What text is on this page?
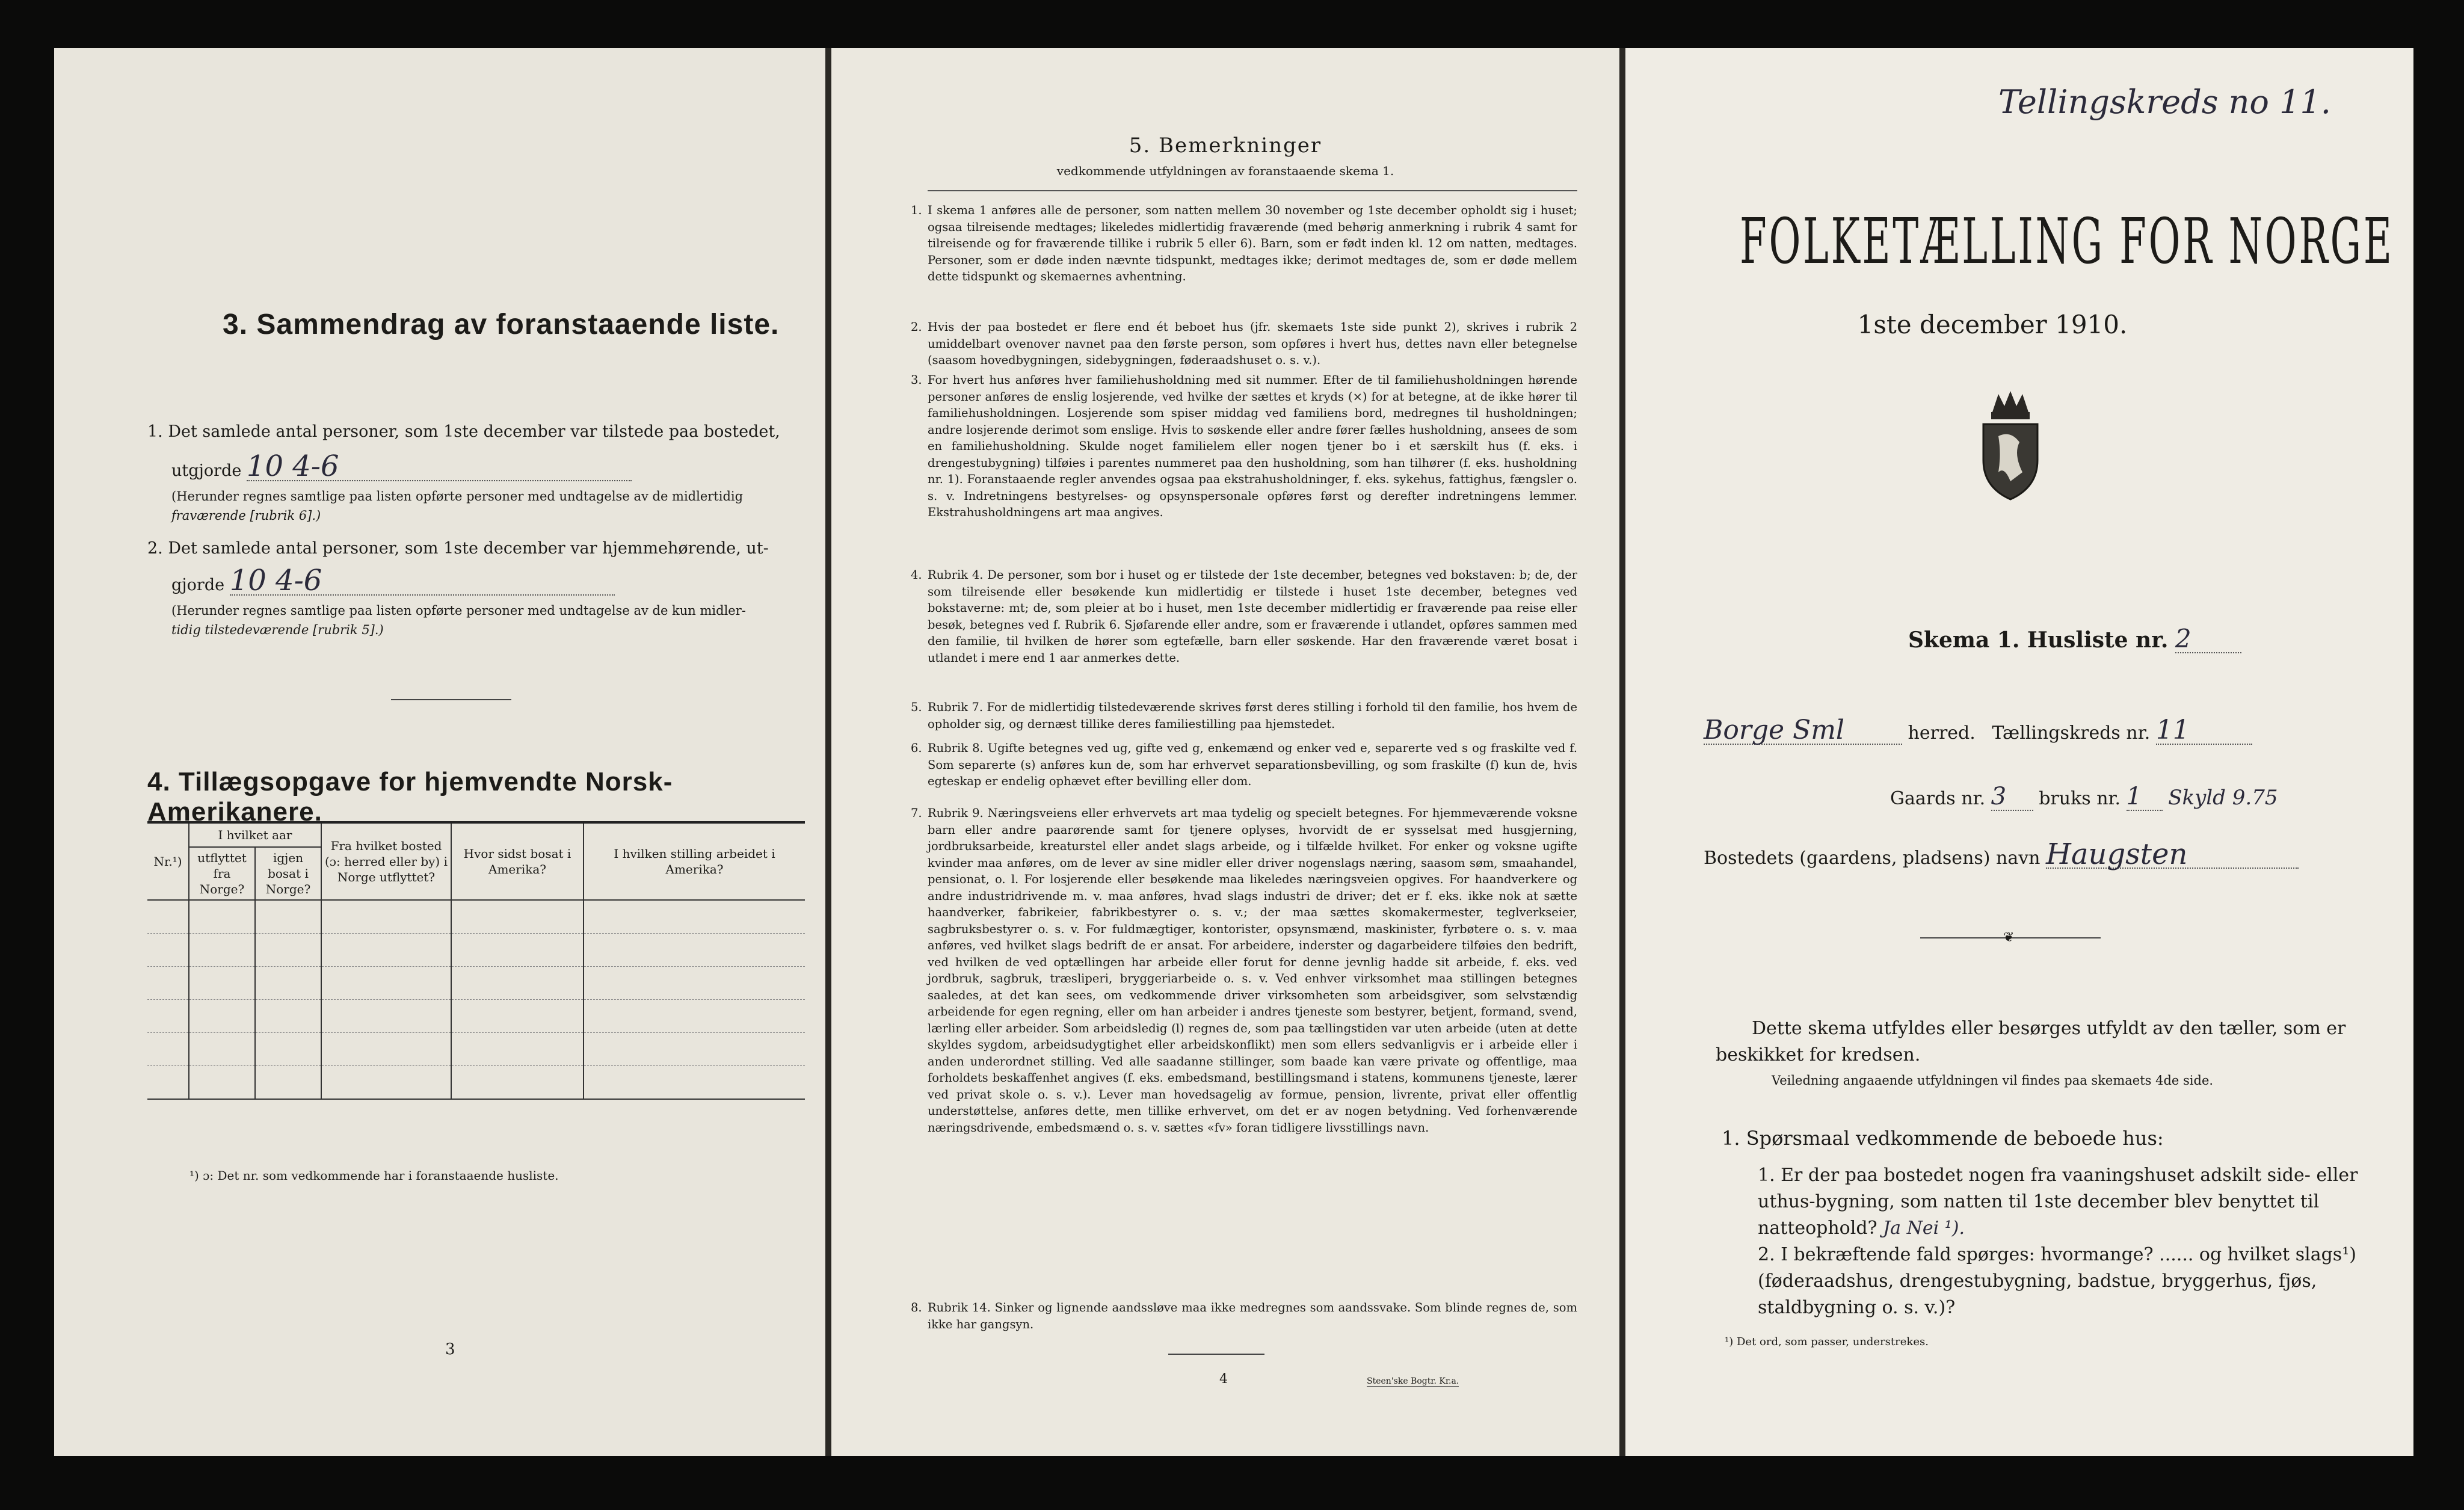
3. Sammendrag av foranstaaende liste.
1. Det samlede antal personer, som 1ste december var tilstede paa bostedet,
utgjorde 10 4-6
(Herunder regnes samtlige paa listen opførte personer med undtagelse av de midlertidig
fraværende [rubrik 6].)
2. Det samlede antal personer, som 1ste december var hjemmehørende, ut-
gjorde 10 4-6
(Herunder regnes samtlige paa listen opførte personer med undtagelse av de kun midler-
tidig tilstedeværende [rubrik 5].)
4. Tillægsopgave for hjemvendte Norsk-Amerikanere.
Nr.¹)	I hvilket aar		Fra hvilket bosted (ɔ: herred eller by) i Norge utflyttet?	Hvor sidst bosat i Amerika?	I hvilken stilling arbeidet i Amerika?
	utflyttet fra Norge?	igjen bosat i Norge?			

¹) ɔ: Det nr. som vedkommende har i foranstaaende husliste.
3
5. Bemerkninger
vedkommende utfyldningen av foranstaaende skema 1.
1. I skema 1 anføres alle de personer, som natten mellem 30 november og 1ste december opholdt sig i huset; ogsaa tilreisende medtages; likeledes midlertidig fraværende (med behørig anmerkning i rubrik 4 samt for tilreisende og for fraværende tillike i rubrik 5 eller 6). Barn, som er født inden kl. 12 om natten, medtages. Personer, som er døde inden nævnte tidspunkt, medtages ikke; derimot medtages de, som er døde mellem dette tidspunkt og skemaernes avhentning.
2. Hvis der paa bostedet er flere end ét beboet hus (jfr. skemaets 1ste side punkt 2), skrives i rubrik 2 umiddelbart ovenover navnet paa den første person, som opføres i hvert hus, dettes navn eller betegnelse (saasom hovedbygningen, sidebygningen, føderaadshuset o. s. v.).
3. For hvert hus anføres hver familiehusholdning med sit nummer. Efter de til familiehusholdningen hørende personer anføres de enslig losjerende, ved hvilke der sættes et kryds (×) for at betegne, at de ikke hører til familiehusholdningen. Losjerende som spiser middag ved familiens bord, medregnes til husholdningen; andre losjerende derimot som enslige. Hvis to søskende eller andre fører fælles husholdning, ansees de som en familiehusholdning. Skulde noget familielem eller nogen tjener bo i et særskilt hus (f. eks. i drengestubygning) tilføies i parentes nummeret paa den husholdning, som han tilhører (f. eks. husholdning nr. 1). Foranstaaende regler anvendes ogsaa paa ekstrahusholdninger, f. eks. sykehus, fattighus, fængsler o. s. v. Indretningens bestyrelses- og opsynspersonale opføres først og derefter indretningens lemmer. Ekstrahusholdningens art maa angives.
4. Rubrik 4. De personer, som bor i huset og er tilstede der 1ste december, betegnes ved bokstaven: b; de, der som tilreisende eller besøkende kun midlertidig er tilstede i huset 1ste december, betegnes ved bokstaverne: mt; de, som pleier at bo i huset, men 1ste december midlertidig er fraværende paa reise eller besøk, betegnes ved f. Rubrik 6. Sjøfarende eller andre, som er fraværende i utlandet, opføres sammen med den familie, til hvilken de hører som egtefælle, barn eller søskende. Har den fraværende været bosat i utlandet i mere end 1 aar anmerkes dette.
5. Rubrik 7. For de midlertidig tilstedeværende skrives først deres stilling i forhold til den familie, hos hvem de opholder sig, og dernæst tillike deres familiestilling paa hjemstedet.
6. Rubrik 8. Ugifte betegnes ved ug, gifte ved g, enkemænd og enker ved e, separerte ved s og fraskilte ved f. Som separerte (s) anføres kun de, som har erhvervet separationsbevilling, og som fraskilte (f) kun de, hvis egteskap er endelig ophævet efter bevilling eller dom.
7. Rubrik 9. Næringsveiens eller erhvervets art maa tydelig og specielt betegnes. For hjemmeværende voksne barn eller andre paarørende samt for tjenere oplyses, hvorvidt de er sysselsat med husgjerning, jordbruksarbeide, kreaturstel eller andet slags arbeide, og i tilfælde hvilket. For enker og voksne ugifte kvinder maa anføres, om de lever av sine midler eller driver nogenslags næring, saasom søm, smaahandel, pensionat, o. l. For losjerende eller besøkende maa likeledes næringsveien opgives. For haandverkere og andre industridrivende m. v. maa anføres, hvad slags industri de driver; det er f. eks. ikke nok at sætte haandverker, fabrikeier, fabrikbestyrer o. s. v.; der maa sættes skomakermester, teglverkseier, sagbruksbestyrer o. s. v. For fuldmægtiger, kontorister, opsynsmænd, maskinister, fyrbøtere o. s. v. maa anføres, ved hvilket slags bedrift de er ansat. For arbeidere, inderster og dagarbeidere tilføies den bedrift, ved hvilken de ved optællingen har arbeide eller forut for denne jevnlig hadde sit arbeide, f. eks. ved jordbruk, sagbruk, træsliperi, bryggeriarbeide o. s. v. Ved enhver virksomhet maa stillingen betegnes saaledes, at det kan sees, om vedkommende driver virksomheten som arbeidsgiver, som selvstændig arbeidende for egen regning, eller om han arbeider i andres tjeneste som bestyrer, betjent, formand, svend, lærling eller arbeider. Som arbeidsledig (l) regnes de, som paa tællingstiden var uten arbeide (uten at dette skyldes sygdom, arbeidsudygtighet eller arbeidskonflikt) men som ellers sedvanligvis er i arbeide eller i anden underordnet stilling. Ved alle saadanne stillinger, som baade kan være private og offentlige, maa forholdets beskaffenhet angives (f. eks. embedsmand, bestillingsmand i statens, kommunens tjeneste, lærer ved privat skole o. s. v.). Lever man hovedsagelig av formue, pension, livrente, privat eller offentlig understøttelse, anføres dette, men tillike erhvervet, om det er av nogen betydning. Ved forhenværende næringsdrivende, embedsmænd o. s. v. sættes «fv» foran tidligere livsstillings navn.
8. Rubrik 14. Sinker og lignende aandssløve maa ikke medregnes som aandssvake. Som blinde regnes de, som ikke har gangsyn.
4	Steen'ske Bogtr. Kr.a.
Tellingskreds no 11.
FOLKETÆLLING FOR NORGE
1ste december 1910.
Skema 1. Husliste nr. 2
Borge Sml	herred. Tællingskreds nr. 11
Gaards nr. 3 bruks nr. 1 Skyld 9.75
Bostedets (gaardens, pladsens) navn Haugsten
❦
Dette skema utfyldes eller besørges utfyldt av den tæller, som er beskikket for kredsen.
Veiledning angaaende utfyldningen vil findes paa skemaets 4de side.
1. Spørsmaal vedkommende de beboede hus:
1. Er der paa bostedet nogen fra vaaningshuset adskilt side- eller uthus-bygning, som natten til 1ste december blev benyttet til natteophold? Ja Nei ¹).
2. I bekræftende fald spørges: hvormange? ...... og hvilket slags¹) (føderaadshus, drengestubygning, badstue, bryggerhus, fjøs, staldbygning o. s. v.)?
¹) Det ord, som passer, understrekes.
